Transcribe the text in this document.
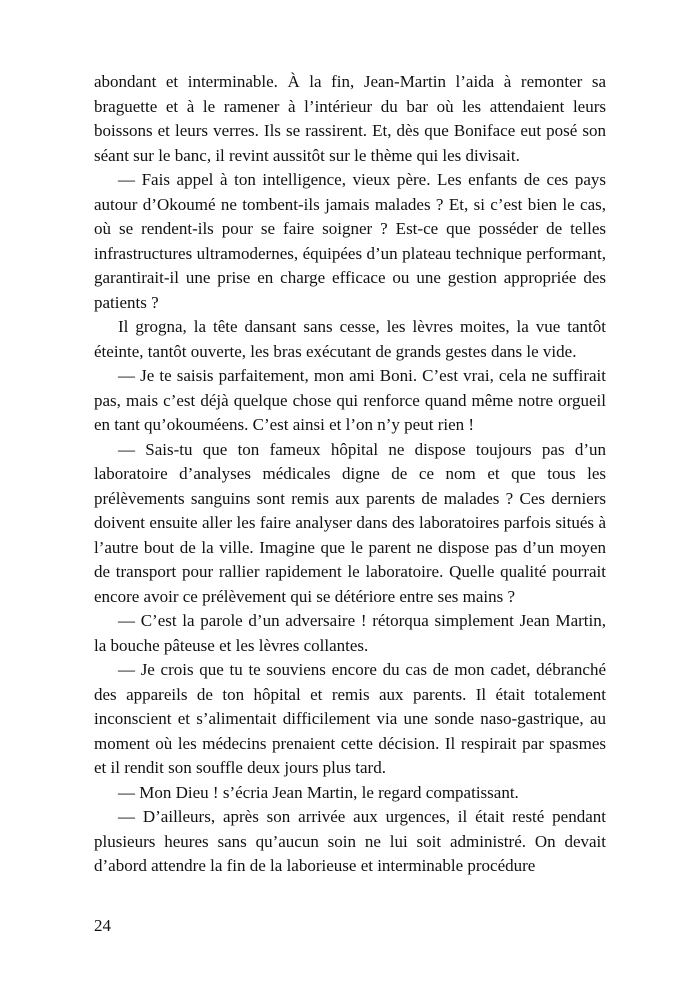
abondant et interminable. À la fin, Jean-Martin l’aida à remonter sa braguette et à le ramener à l’intérieur du bar où les attendaient leurs boissons et leurs verres. Ils se rassirent. Et, dès que Boniface eut posé son séant sur le banc, il revint aussitôt sur le thème qui les divisait.

— Fais appel à ton intelligence, vieux père. Les enfants de ces pays autour d’Okoumé ne tombent-ils jamais malades ? Et, si c’est bien le cas, où se rendent-ils pour se faire soigner ? Est-ce que posséder de telles infrastructures ultramodernes, équipées d’un plateau technique performant, garantirait-il une prise en charge efficace ou une gestion appropriée des patients ?

Il grogna, la tête dansant sans cesse, les lèvres moites, la vue tantôt éteinte, tantôt ouverte, les bras exécutant de grands gestes dans le vide.

— Je te saisis parfaitement, mon ami Boni. C’est vrai, cela ne suffirait pas, mais c’est déjà quelque chose qui renforce quand même notre orgueil en tant qu’okouméens. C’est ainsi et l’on n’y peut rien !

— Sais-tu que ton fameux hôpital ne dispose toujours pas d’un laboratoire d’analyses médicales digne de ce nom et que tous les prélèvements sanguins sont remis aux parents de malades ? Ces derniers doivent ensuite aller les faire analyser dans des laboratoires parfois situés à l’autre bout de la ville. Imagine que le parent ne dispose pas d’un moyen de transport pour rallier rapidement le laboratoire. Quelle qualité pourrait encore avoir ce prélèvement qui se détériore entre ses mains ?

— C’est la parole d’un adversaire ! rétorqua simplement Jean Martin, la bouche pâteuse et les lèvres collantes.

— Je crois que tu te souviens encore du cas de mon cadet, débranché des appareils de ton hôpital et remis aux parents. Il était totalement inconscient et s’alimentait difficilement via une sonde naso-gastrique, au moment où les médecins prenaient cette décision. Il respirait par spasmes et il rendit son souffle deux jours plus tard.

— Mon Dieu ! s’écria Jean Martin, le regard compatissant.

— D’ailleurs, après son arrivée aux urgences, il était resté pendant plusieurs heures sans qu’aucun soin ne lui soit administré. On devait d’abord attendre la fin de la laborieuse et interminable procédure

24
